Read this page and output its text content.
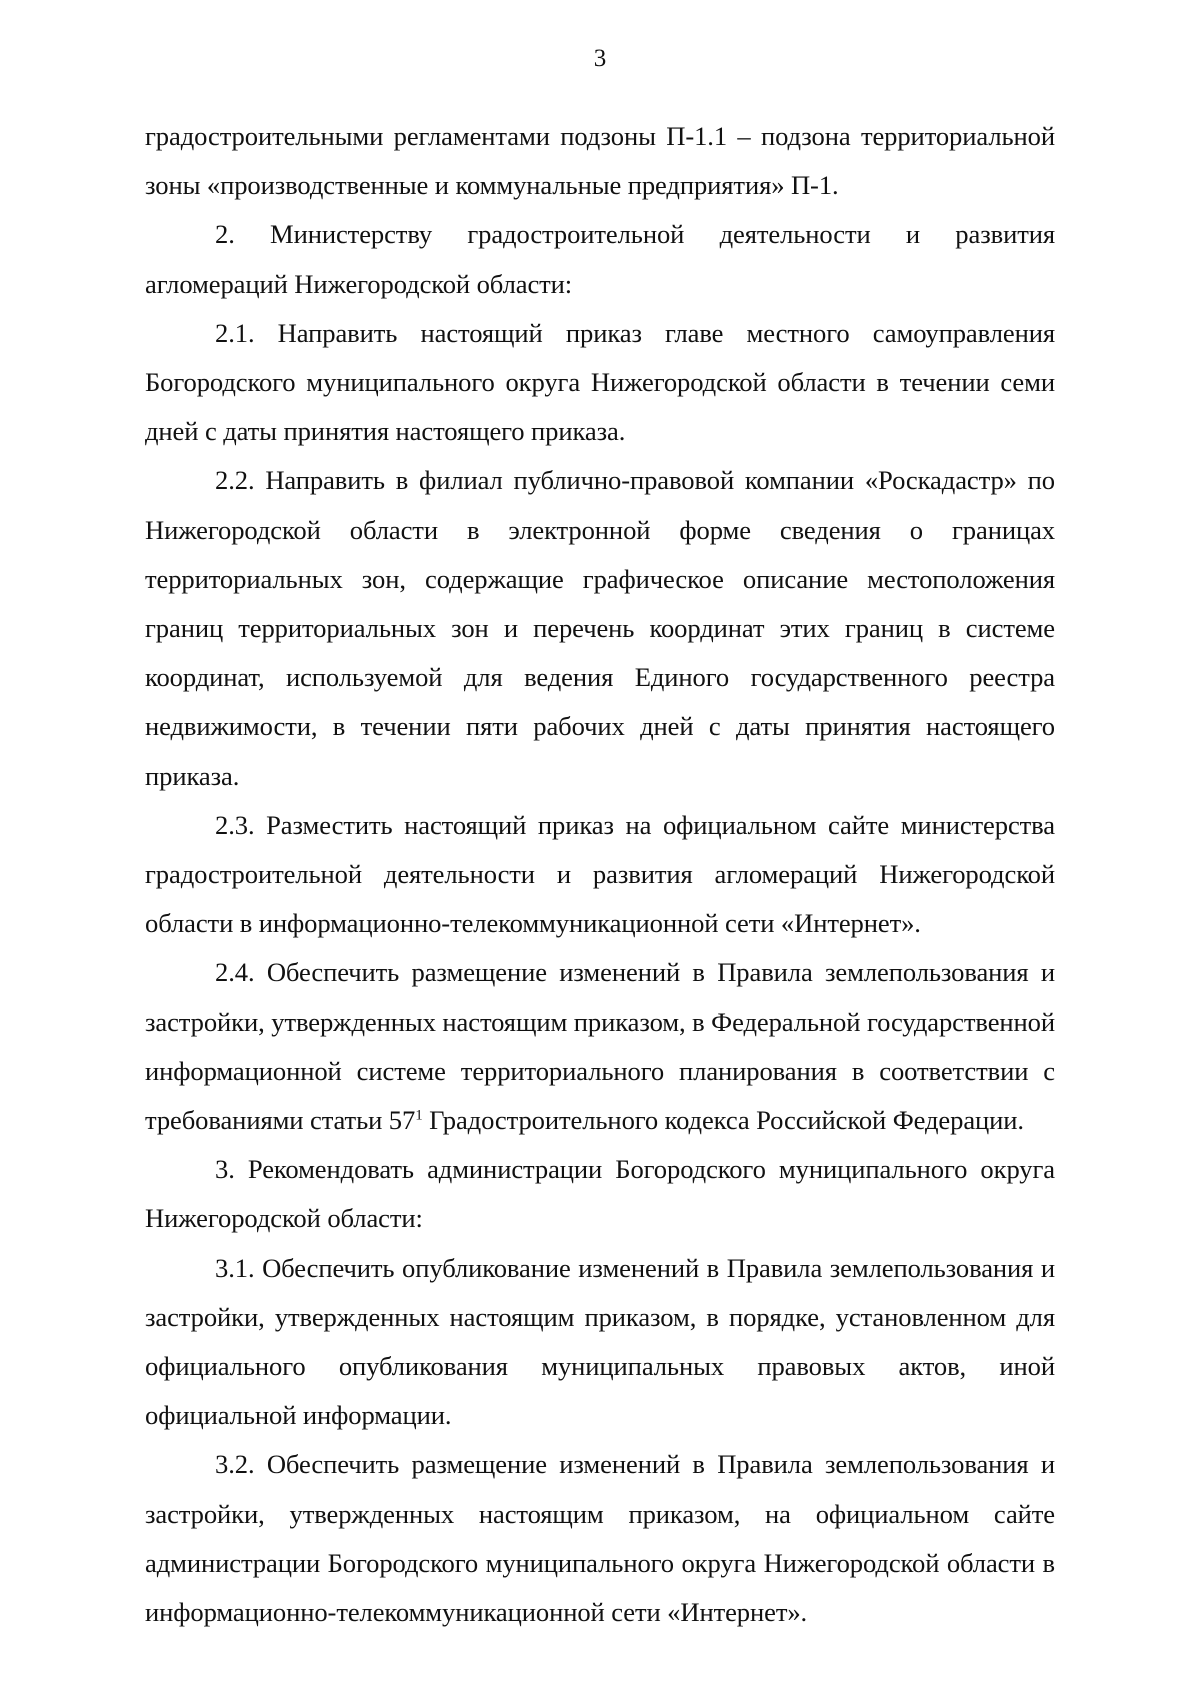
3

градостроительными регламентами подзоны П-1.1 – подзона территориальной зоны «производственные и коммунальные предприятия» П-1.

2. Министерству градостроительной деятельности и развития агломераций Нижегородской области:

2.1. Направить настоящий приказ главе местного самоуправления Богородского муниципального округа Нижегородской области в течении семи дней с даты принятия настоящего приказа.

2.2. Направить в филиал публично-правовой компании «Роскадастр» по Нижегородской области в электронной форме сведения о границах территориальных зон, содержащие графическое описание местоположения границ территориальных зон и перечень координат этих границ в системе координат, используемой для ведения Единого государственного реестра недвижимости, в течении пяти рабочих дней с даты принятия настоящего приказа.

2.3. Разместить настоящий приказ на официальном сайте министерства градостроительной деятельности и развития агломераций Нижегородской области в информационно-телекоммуникационной сети «Интернет».

2.4. Обеспечить размещение изменений в Правила землепользования и застройки, утвержденных настоящим приказом, в Федеральной государственной информационной системе территориального планирования в соответствии с требованиями статьи $57^1$ Градостроительного кодекса Российской Федерации.

3. Рекомендовать администрации Богородского муниципального округа Нижегородской области:

3.1. Обеспечить опубликование изменений в Правила землепользования и застройки, утвержденных настоящим приказом, в порядке, установленном для официального опубликования муниципальных правовых актов, иной официальной информации.

3.2. Обеспечить размещение изменений в Правила землепользования и застройки, утвержденных настоящим приказом, на официальном сайте администрации Богородского муниципального округа Нижегородской области в информационно-телекоммуникационной сети «Интернет».
